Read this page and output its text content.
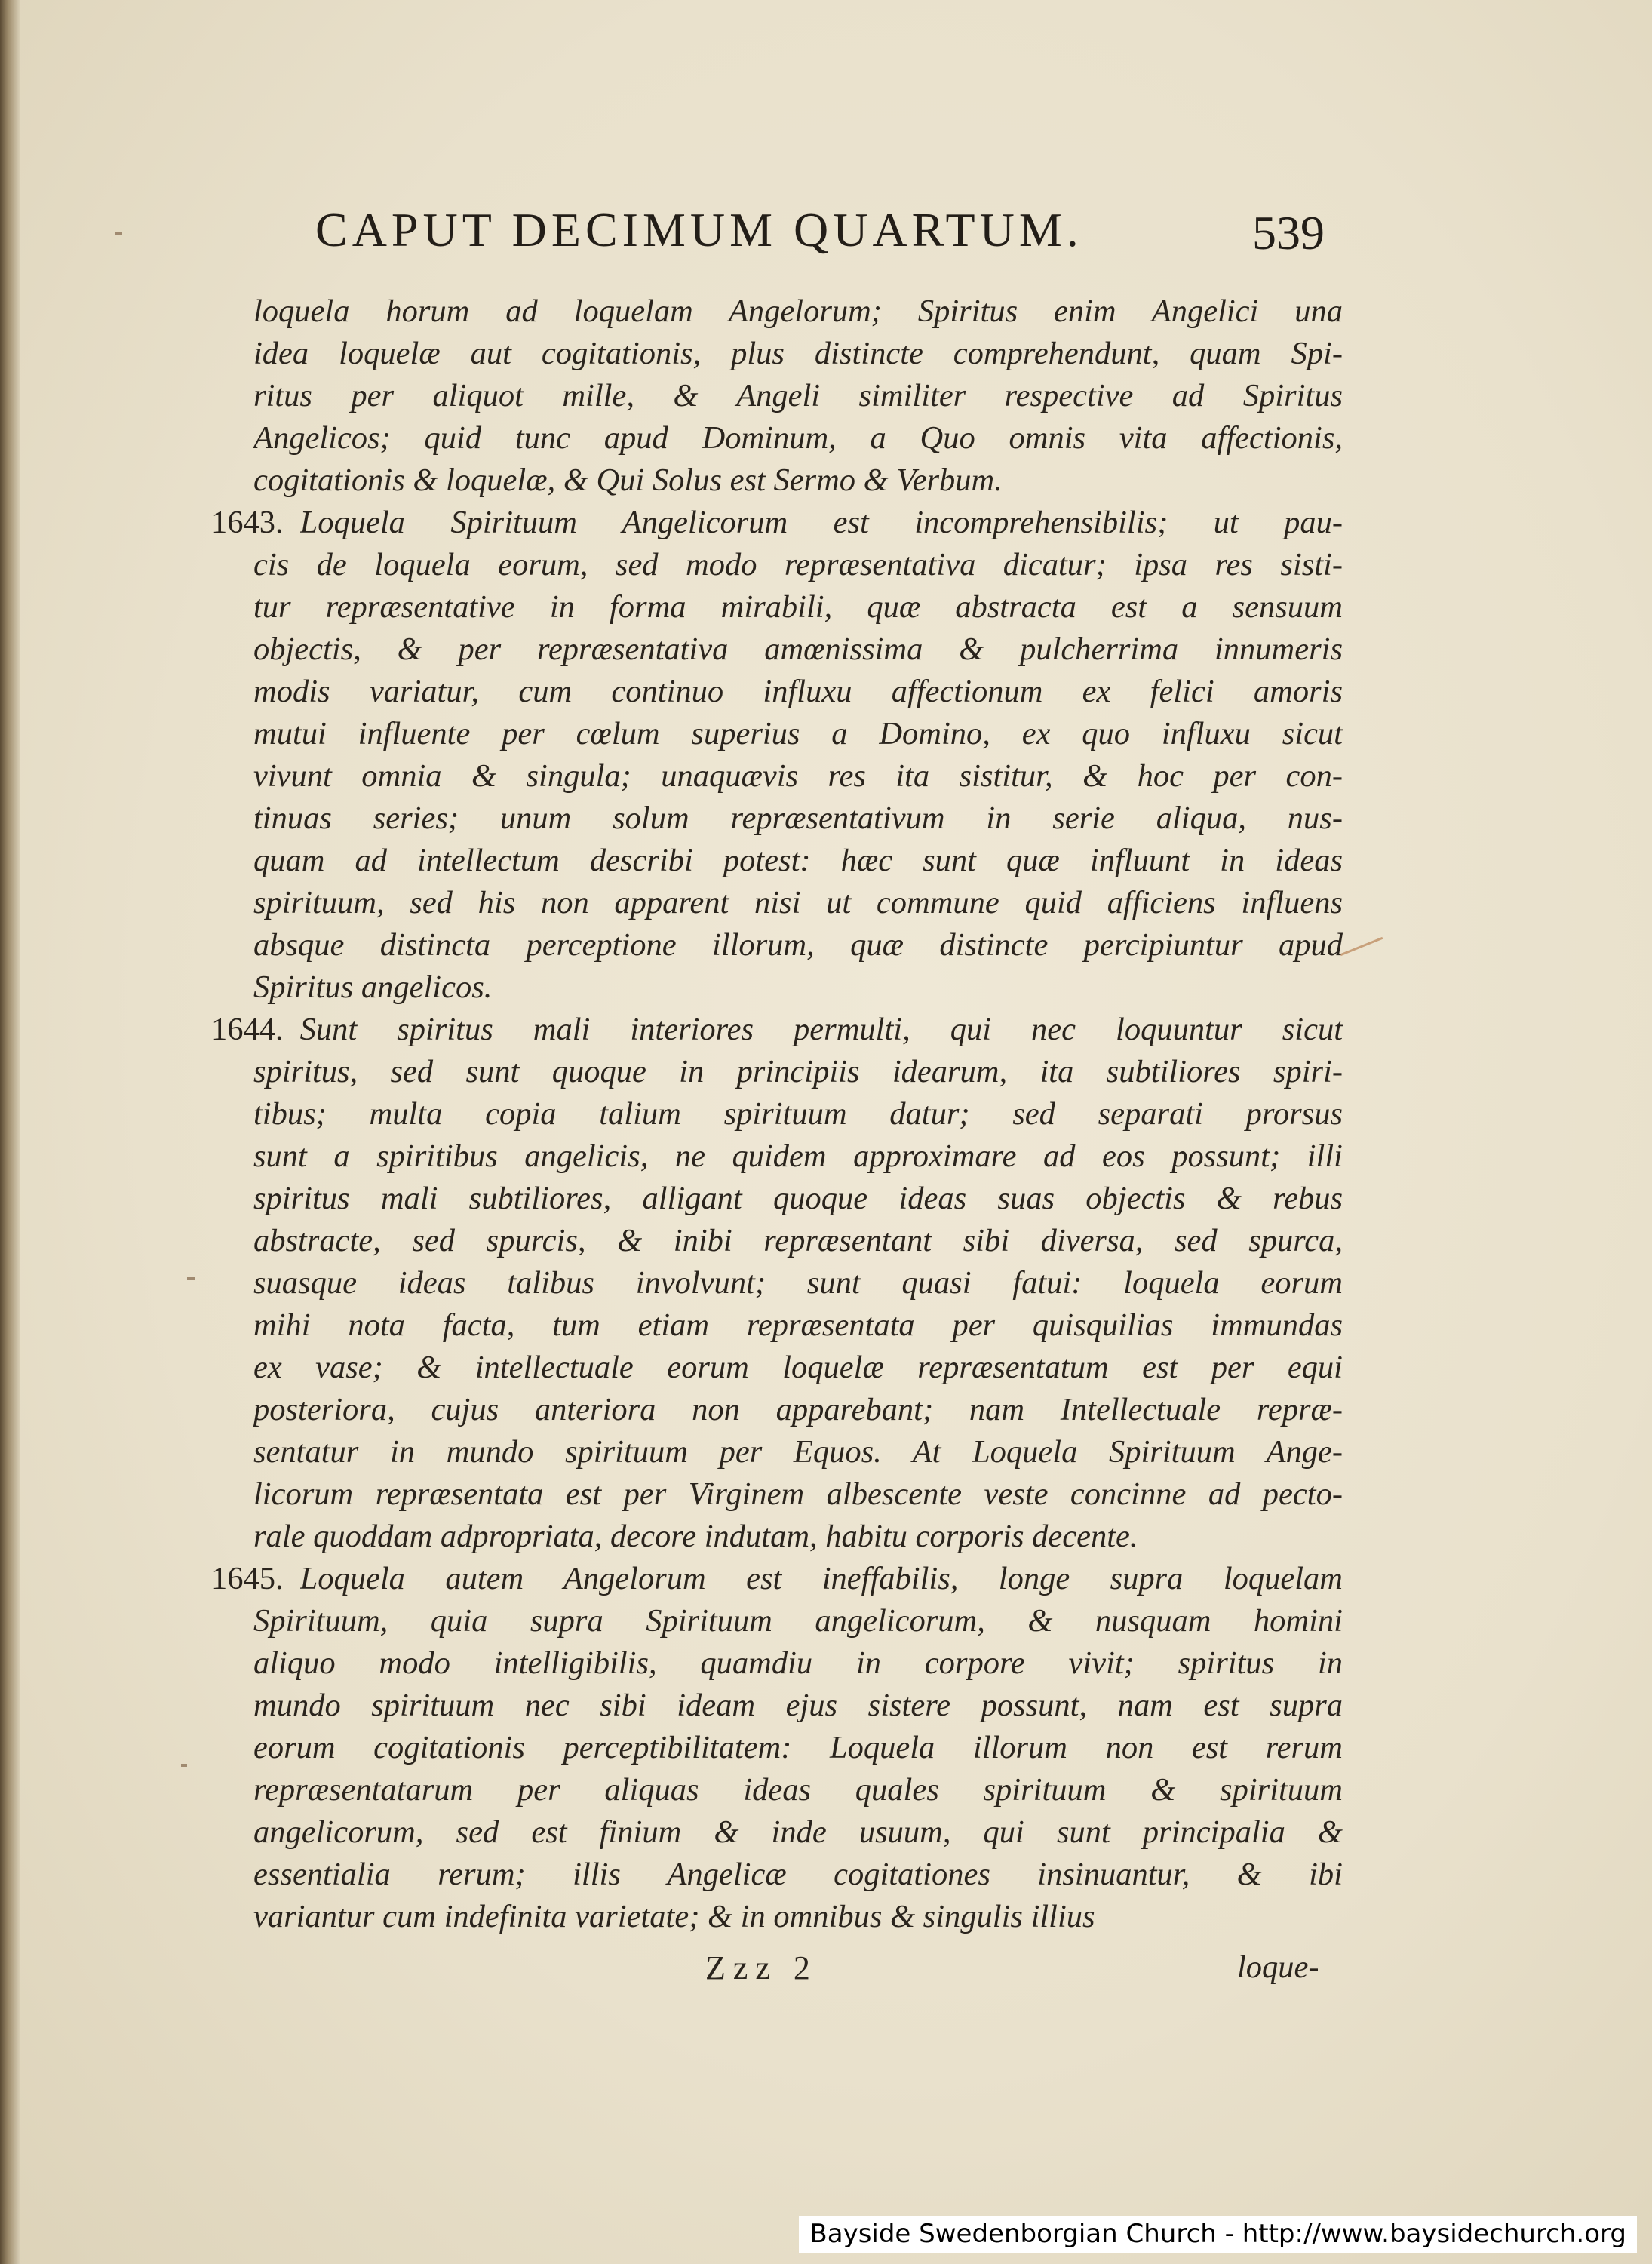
CAPUT DECIMUM QUARTUM.	539
loquela horum ad loquelam Angelorum; Spiritus enim Angelici una
idea loquelæ aut cogitationis, plus distincte comprehendunt, quam Spi-
ritus per aliquot mille, & Angeli similiter respective ad Spiritus
Angelicos; quid tunc apud Dominum, a Quo omnis vita affectionis,
cogitationis & loquelæ, & Qui Solus est Sermo & Verbum.
1643. Loquela Spirituum Angelicorum est incomprehensibilis; ut pau-
cis de loquela eorum, sed modo repræsentativa dicatur; ipsa res sisti-
tur repræsentative in forma mirabili, quæ abstracta est a sensuum
objectis, & per repræsentativa amœnissima & pulcherrima innumeris
modis variatur, cum continuo influxu affectionum ex felici amoris
mutui influente per cœlum superius a Domino, ex quo influxu sicut
vivunt omnia & singula; unaquævis res ita sistitur, & hoc per con-
tinuas series; unum solum repræsentativum in serie aliqua, nus-
quam ad intellectum describi potest: hæc sunt quæ influunt in ideas
spirituum, sed his non apparent nisi ut commune quid afficiens influens
absque distincta perceptione illorum, quæ distincte percipiuntur apud
Spiritus angelicos.
1644. Sunt spiritus mali interiores permulti, qui nec loquuntur sicut
spiritus, sed sunt quoque in principiis idearum, ita subtiliores spiri-
tibus; multa copia talium spirituum datur; sed separati prorsus
sunt a spiritibus angelicis, ne quidem approximare ad eos possunt; illi
spiritus mali subtiliores, alligant quoque ideas suas objectis & rebus
abstracte, sed spurcis, & inibi repræsentant sibi diversa, sed spurca,
suasque ideas talibus involvunt; sunt quasi fatui: loquela eorum
mihi nota facta, tum etiam repræsentata per quisquilias immundas
ex vase; & intellectuale eorum loquelæ repræsentatum est per equi
posteriora, cujus anteriora non apparebant; nam Intellectuale repræ-
sentatur in mundo spirituum per Equos. At Loquela Spirituum Ange-
licorum repræsentata est per Virginem albescente veste concinne ad pecto-
rale quoddam adpropriata, decore indutam, habitu corporis decente.
1645. Loquela autem Angelorum est ineffabilis, longe supra loquelam
Spirituum, quia supra Spirituum angelicorum, & nusquam homini
aliquo modo intelligibilis, quamdiu in corpore vivit; spiritus in
mundo spirituum nec sibi ideam ejus sistere possunt, nam est supra
eorum cogitationis perceptibilitatem: Loquela illorum non est rerum
repræsentatarum per aliquas ideas quales spirituum & spirituum
angelicorum, sed est finium & inde usuum, qui sunt principalia &
essentialia rerum; illis Angelicæ cogitationes insinuantur, & ibi
variantur cum indefinita varietate; & in omnibus & singulis illius
Zzz 2	loque-
Bayside Swedenborgian Church - http://www.baysidechurch.org
